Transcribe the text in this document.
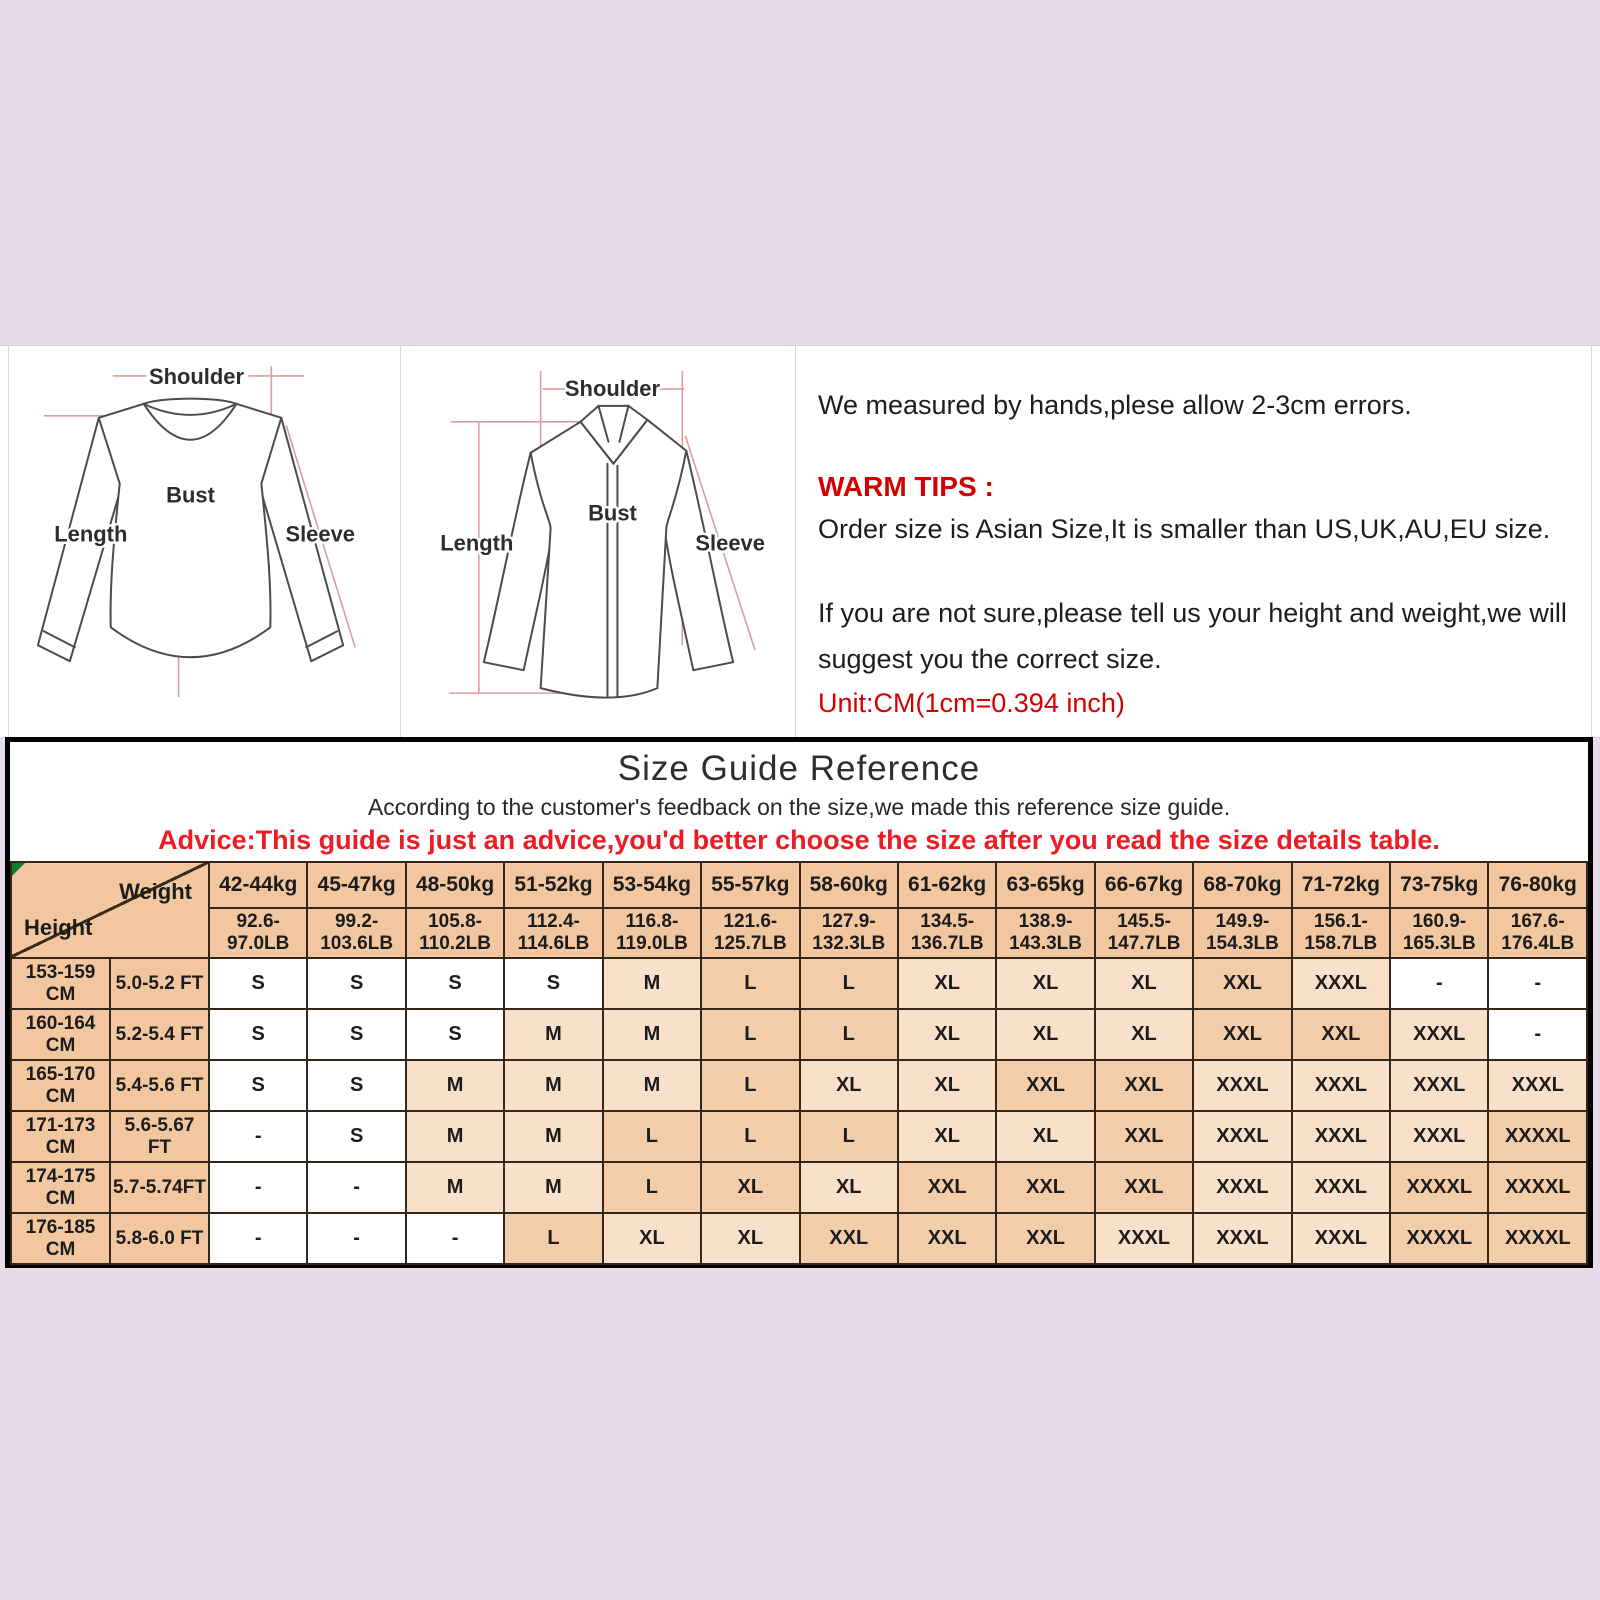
Shoulder
Bust
Length	Sleeve
Shoulder
Bust
Length	Sleeve

We measured by hands,plese allow 2-3cm errors.

WARM TIPS :

Order size is Asian Size,It is smaller than US,UK,AU,EU size.

If you are not sure,please tell us your height and weight,we will suggest you the correct size.

Unit:CM(1cm=0.394 inch)

Size Guide Reference

According to the customer's feedback on the size,we made this reference size guide.

Advice:This guide is just an advice,you'd better choose the size after you read the size details table.

Weight
Height		42-44kg	45-47kg	48-50kg	51-52kg	53-54kg	55-57kg	58-60kg	61-62kg	63-65kg	66-67kg	68-70kg	71-72kg	73-75kg	76-80kg
		92.6-97.0LB	99.2-103.6LB	105.8-110.2LB	112.4-114.6LB	116.8-119.0LB	121.6-125.7LB	127.9-132.3LB	134.5-136.7LB	138.9-143.3LB	145.5-147.7LB	149.9-154.3LB	156.1-158.7LB	160.9-165.3LB	167.6-176.4LB
153-159 CM	5.0-5.2 FT	S	S	S	S	M	L	L	XL	XL	XL	XXL	XXXL	-	-
160-164 CM	5.2-5.4 FT	S	S	S	M	M	L	L	XL	XL	XL	XXL	XXL	XXXL	-
165-170 CM	5.4-5.6 FT	S	S	M	M	M	L	XL	XL	XXL	XXL	XXXL	XXXL	XXXL	XXXL
171-173 CM	5.6-5.67 FT	-	S	M	M	L	L	L	XL	XL	XXL	XXXL	XXXL	XXXL	XXXXL
174-175 CM	5.7-5.74FT	-	-	M	M	L	XL	XL	XXL	XXL	XXL	XXXL	XXXL	XXXXL	XXXXL
176-185 CM	5.8-6.0 FT	-	-	-	L	XL	XL	XXL	XXL	XXL	XXXL	XXXL	XXXL	XXXXL	XXXXL
